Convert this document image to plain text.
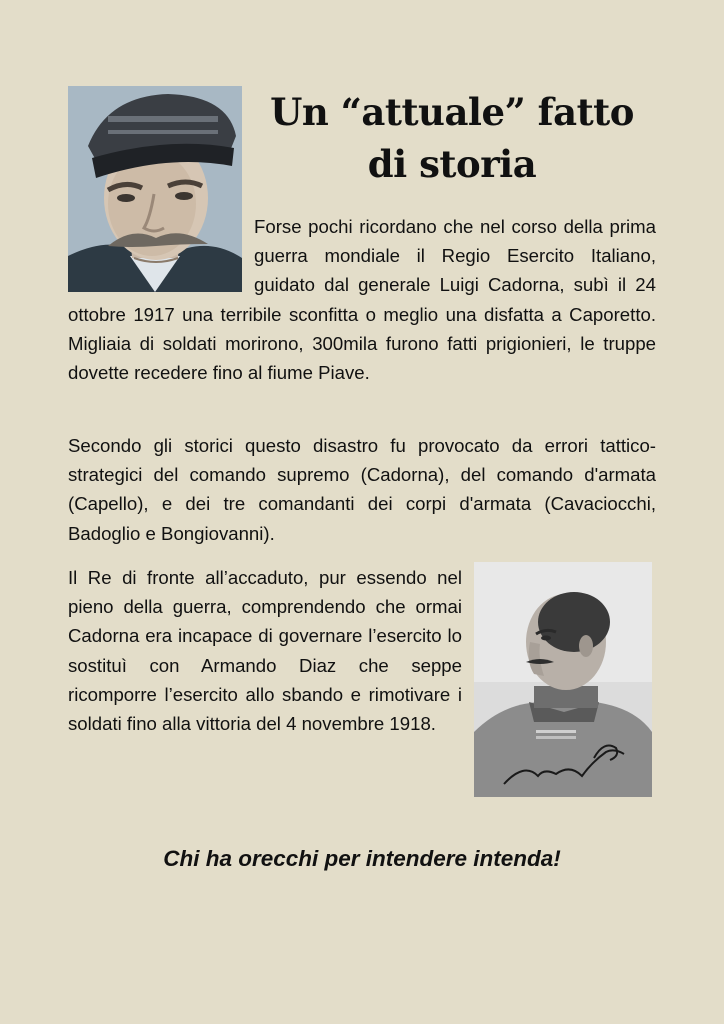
Un “attuale” fatto di storia

Forse pochi ricordano che nel corso della prima guerra mondiale il Regio Esercito Italiano, guidato dal generale Luigi Cadorna, subì il 24 ottobre 1917 una terribile sconfitta o meglio una disfatta a Caporetto. Migliaia di soldati morirono, 300mila furono fatti prigionieri, le truppe dovette recedere fino al fiume Piave.

Secondo gli storici questo disastro fu provocato da errori tattico-strategici del comando supremo (Cadorna), del comando d'armata (Capello), e dei tre comandanti dei corpi d'armata (Cavaciocchi, Badoglio e Bongiovanni).

Il Re di fronte all’accaduto, pur essendo nel pieno della guerra, comprendendo che ormai Cadorna era incapace di governare l’esercito lo sostituì con Armando Diaz che seppe ricomporre l’esercito allo sbando e rimotivare i soldati fino alla vittoria del 4 novembre 1918.

Chi ha orecchi per intendere intenda!
